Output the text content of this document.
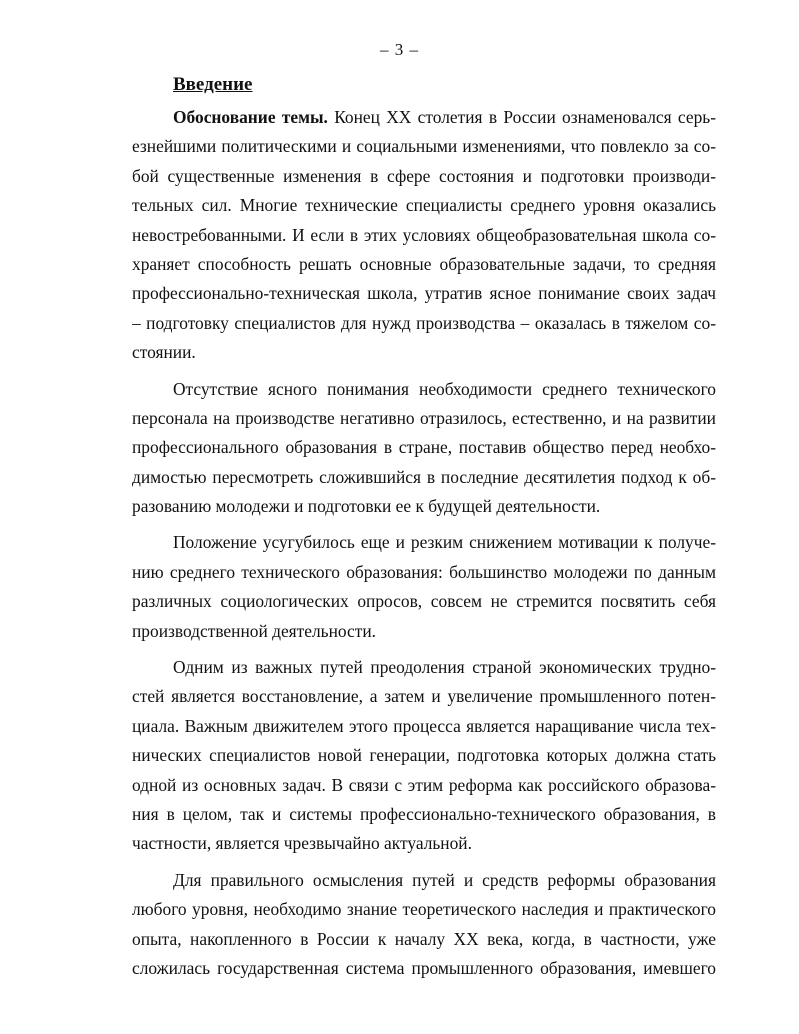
– 3 –
Введение
Обоснование темы. Конец XX столетия в России ознаменовался серь-
езнейшими политическими и социальными изменениями, что повлекло за со-
бой существенные изменения в сфере состояния и подготовки производи-
тельных сил. Многие технические специалисты среднего уровня оказались
невостребованными. И если в этих условиях общеобразовательная школа со-
храняет способность решать основные образовательные задачи, то средняя
профессионально-техническая школа, утратив ясное понимание своих задач
– подготовку специалистов для нужд производства – оказалась в тяжелом со-
стоянии.
Отсутствие ясного понимания необходимости среднего технического
персонала на производстве негативно отразилось, естественно, и на развитии
профессионального образования в стране, поставив общество перед необхо-
димостью пересмотреть сложившийся в последние десятилетия подход к об-
разованию молодежи и подготовки ее к будущей деятельности.
Положение усугубилось еще и резким снижением мотивации к получе-
нию среднего технического образования: большинство молодежи по данным
различных социологических опросов, совсем не стремится посвятить себя
производственной деятельности.
Одним из важных путей преодоления страной экономических трудно-
стей является восстановление, а затем и увеличение промышленного потен-
циала. Важным движителем этого процесса является наращивание числа тех-
нических специалистов новой генерации, подготовка которых должна стать
одной из основных задач. В связи с этим реформа как российского образова-
ния в целом, так и системы профессионально-технического образования, в
частности, является чрезвычайно актуальной.
Для правильного осмысления путей и средств реформы образования
любого уровня, необходимо знание теоретического наследия и практического
опыта, накопленного в России к началу XX века, когда, в частности, уже
сложилась государственная система промышленного образования, имевшего
